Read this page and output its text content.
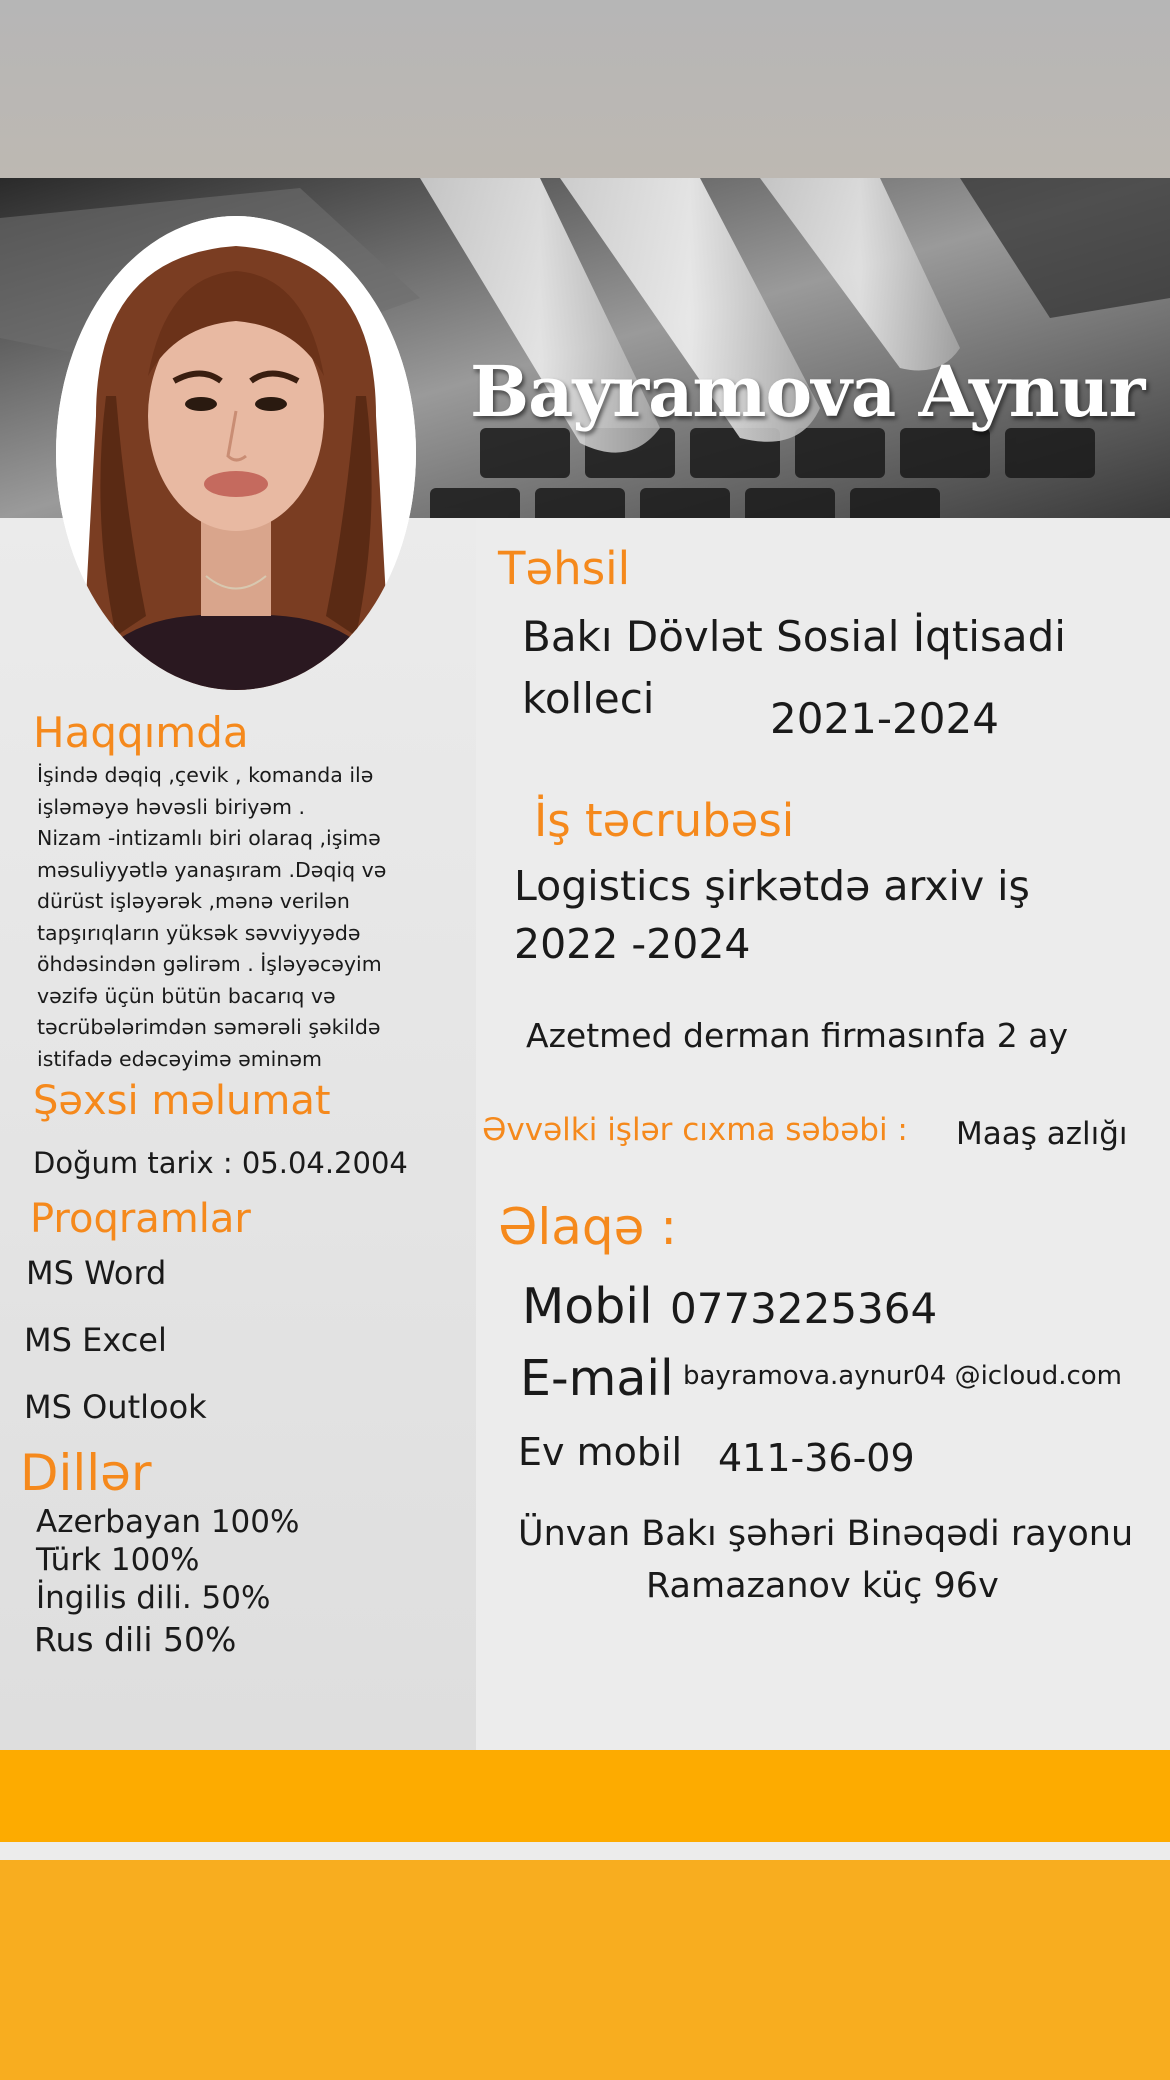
Bayramova Aynur
Haqqımda
İşində dəqiq ,çevik , komanda ilə
işləməyə həvəsli biriyəm .
Nizam -intizamlı biri olaraq ,işimə
məsuliyyətlə yanaşıram .Dəqiq və
dürüst işləyərək ,mənə verilən
tapşırıqların yüksək səvviyyədə
öhdəsindən gəlirəm . İşləyəcəyim
vəzifə üçün bütün bacarıq və
təcrübələrimdən səmərəli şəkildə
istifadə edəcəyimə əminəm
Şəxsi məlumat
Doğum tarix : 05.04.2004
Proqramlar
MS Word
MS Excel
MS Outlook
Dillər
Azerbayan 100%
Türk 100%
İngilis dili. 50%
Rus dili 50%
Təhsil
Bakı Dövlət Sosial İqtisadi
kolleci	2021-2024
İş təcrubəsi
Logistics şirkətdə arxiv iş
2022 -2024
Azetmed derman firmasınfa 2 ay
Əvvəlki işlər cıxma səbəbi : Maaş azlığı
Əlaqə :
Mobil 0773225364
E-mail bayramova.aynur04 @icloud.com
Ev mobil 411-36-09
Ünvan Bakı şəhəri Binəqədi rayonu
Ramazanov küç 96v
